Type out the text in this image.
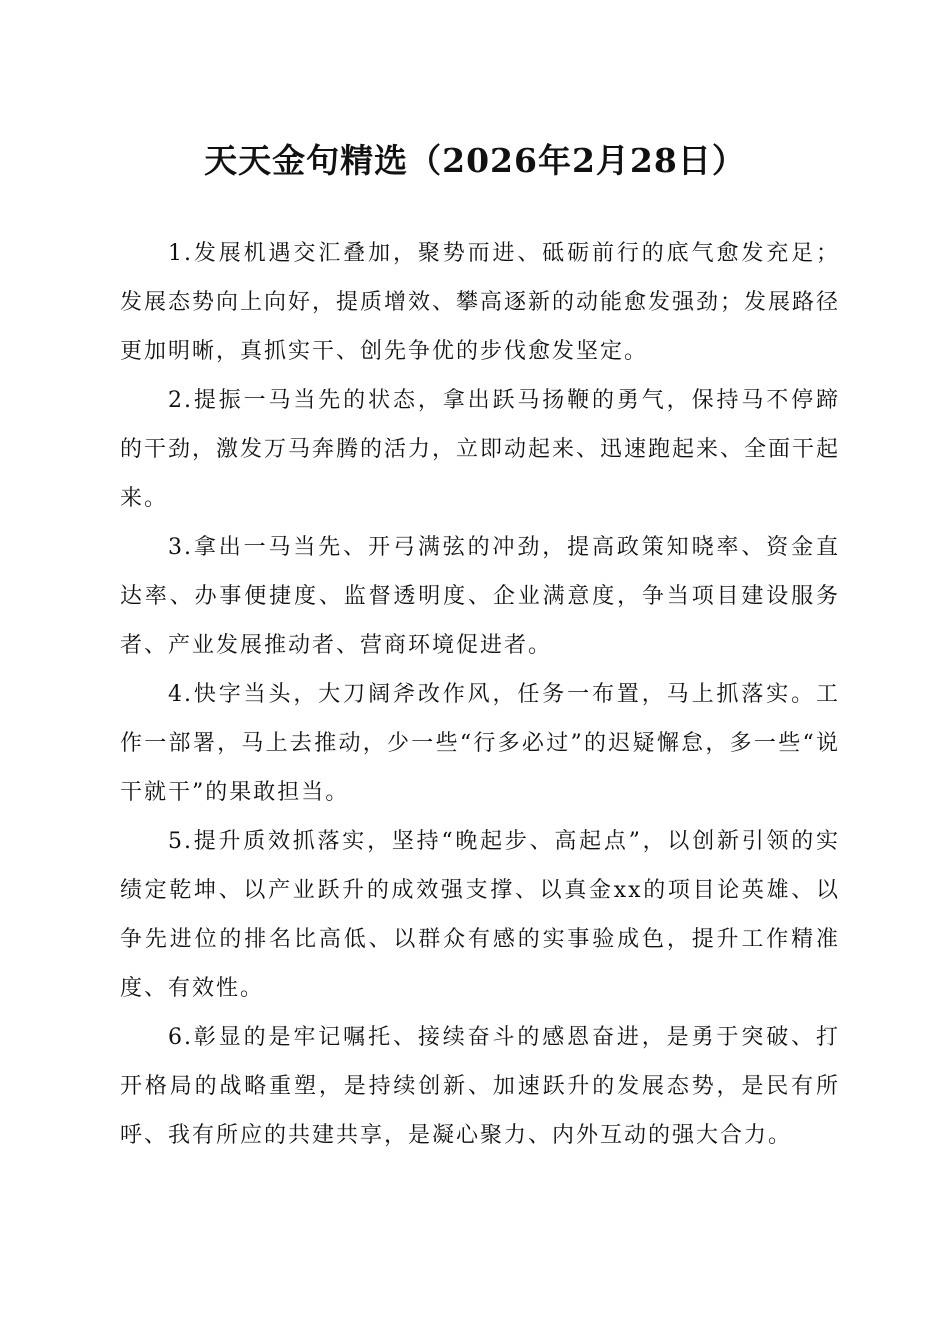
天天金句精选（2026年2月28日）

1.发展机遇交汇叠加，聚势而进、砥砺前行的底气愈发充足；发展态势向上向好，提质增效、攀高逐新的动能愈发强劲；发展路径更加明晰，真抓实干、创先争优的步伐愈发坚定。

2.提振一马当先的状态，拿出跃马扬鞭的勇气，保持马不停蹄的干劲，激发万马奔腾的活力，立即动起来、迅速跑起来、全面干起来。

3.拿出一马当先、开弓满弦的冲劲，提高政策知晓率、资金直达率、办事便捷度、监督透明度、企业满意度，争当项目建设服务者、产业发展推动者、营商环境促进者。

4.快字当头，大刀阔斧改作风，任务一布置，马上抓落实。工作一部署，马上去推动，少一些“行多必过”的迟疑懈怠，多一些“说干就干”的果敢担当。

5.提升质效抓落实，坚持“晚起步、高起点”，以创新引领的实绩定乾坤、以产业跃升的成效强支撑、以真金xx的项目论英雄、以争先进位的排名比高低、以群众有感的实事验成色，提升工作精准度、有效性。

6.彰显的是牢记嘱托、接续奋斗的感恩奋进，是勇于突破、打开格局的战略重塑，是持续创新、加速跃升的发展态势，是民有所呼、我有所应的共建共享，是凝心聚力、内外互动的强大合力。
